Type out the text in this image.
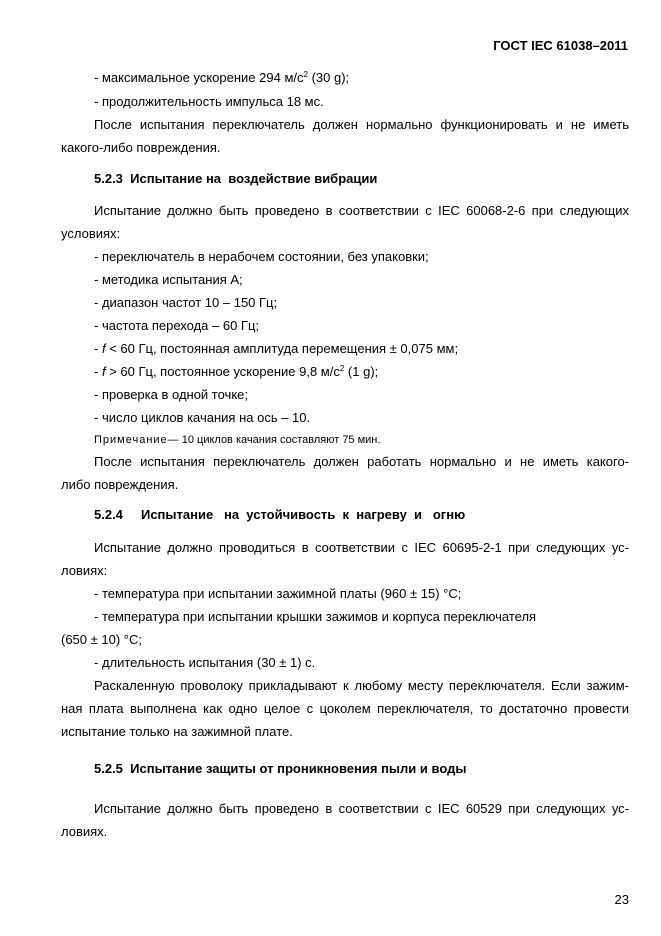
ГОСТ IEC 61038–2011
- максимальное ускорение 294 $м/с^2$ (30 g);
- продолжительность импульса 18 мс.
После испытания переключатель должен нормально функционировать и не иметь
какого-либо повреждения.
5.2.3  Испытание на  воздействие вибрации
Испытание должно быть проведено в соответствии с IEC 60068-2-6 при следующих
условиях:
- переключатель в нерабочем состоянии, без упаковки;
- методика испытания А;
- диапазон частот 10 – 150 Гц;
- частота перехода – 60 Гц;
- f < 60 Гц, постоянная амплитуда перемещения ± 0,075 мм;
- f > 60 Гц, постоянное ускорение 9,8 $м/с^2$ (1 g);
- проверка в одной точке;
- число циклов качания на ось – 10.
Примечание— 10 циклов качания составляют 75 мин.
После испытания переключатель должен работать нормально и не иметь какого-
либо повреждения.
5.2.4     Испытание   на  устойчивость  к  нагреву  и   огню
Испытание должно проводиться в соответствии с IEC 60695-2-1 при следующих ус-
ловиях:
- температура при испытании зажимной платы (960 ± 15) °С;
- температура при испытании крышки зажимов и корпуса переключателя
(650 ± 10) °С;
- длительность испытания (30 ± 1) с.
Раскаленную проволоку прикладывают к любому месту переключателя. Если зажим-
ная плата выполнена как одно целое с цоколем переключателя, то достаточно провести
испытание только на зажимной плате.
5.2.5  Испытание защиты от проникновения пыли и воды
Испытание должно быть проведено в соответствии с IEC 60529 при следующих ус-
ловиях.
23
